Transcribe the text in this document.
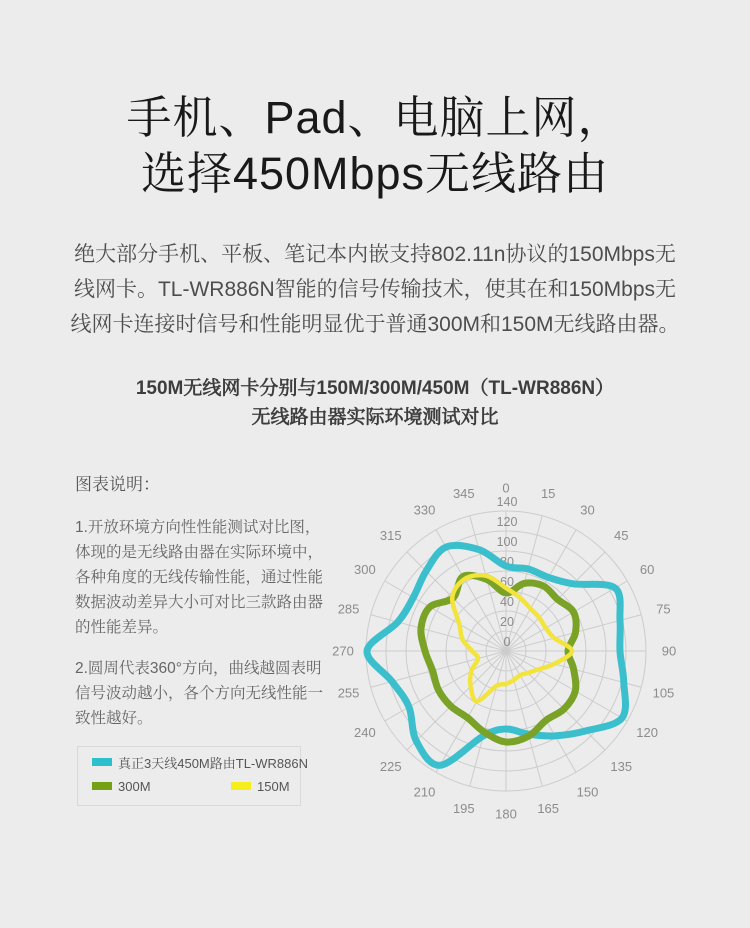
手机、Pad、电脑上网，
选择450Mbps无线路由

绝大部分手机、平板、笔记本内嵌支持802.11n协议的150Mbps无线网卡。TL-WR886N智能的信号传输技术，使其在和150Mbps无线网卡连接时信号和性能明显优于普通300M和150M无线路由器。

150M无线网卡分别与150M/300M/450M（TL-WR886N）
无线路由器实际环境测试对比

图表说明：

1.开放环境方向性性能测试对比图，体现的是无线路由器在实际环境中，各种角度的无线传输性能，通过性能数据波动差异大小可对比三款路由器的性能差异。

2.圆周代表360°方向，曲线越圆表明信号波动越小，各个方向无线性能一致性越好。

真正3天线450M路由TL-WR886N
300M	150M
0 15
30
45
60
75
90
105
120
135
150
165
180
195
210
225
240
255
270
285
300
315
330
345
0
20
40
60
80
100
120
140
